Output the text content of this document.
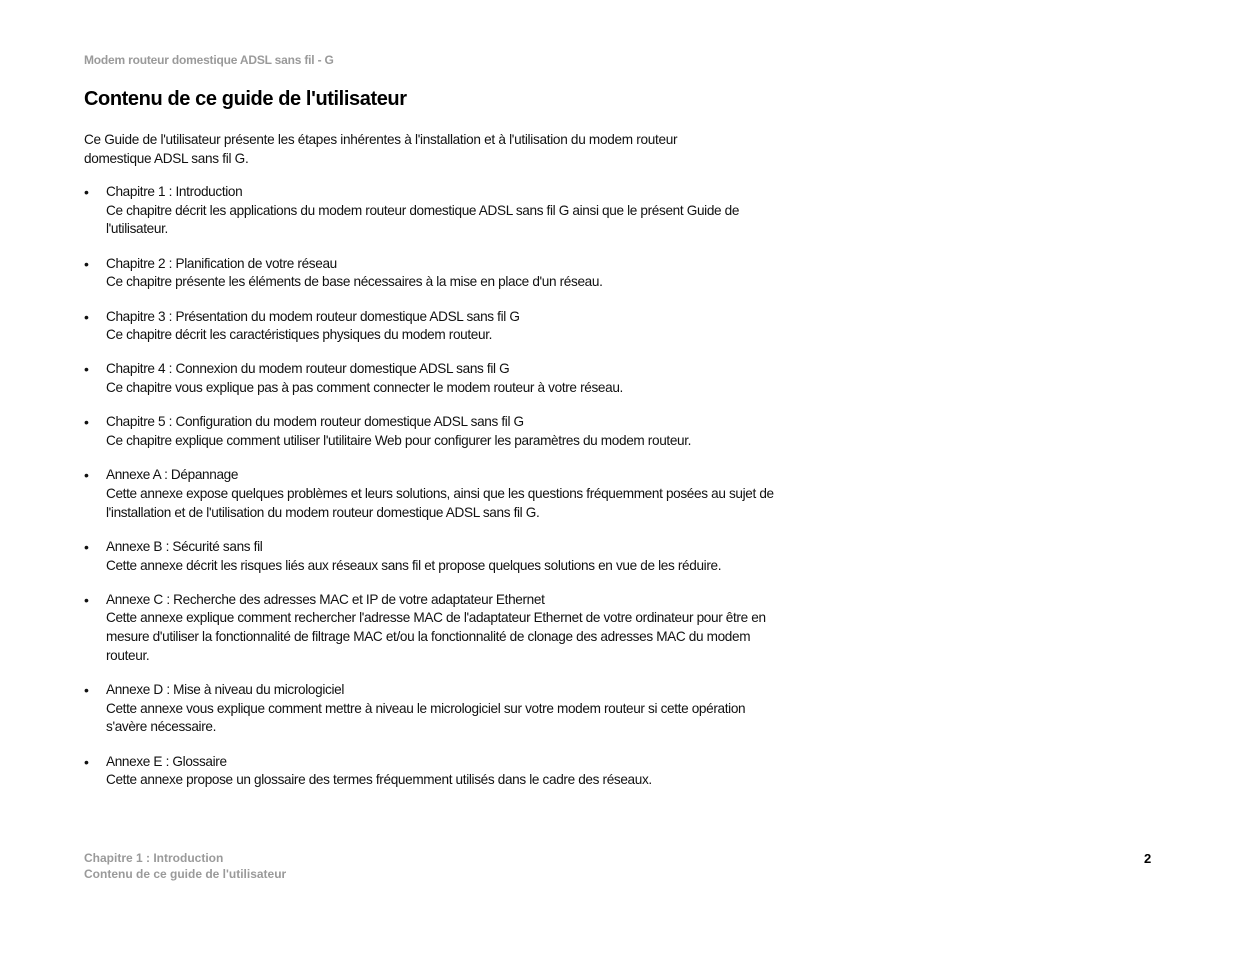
Modem routeur domestique ADSL sans fil - G
Contenu de ce guide de l'utilisateur

Ce Guide de l'utilisateur présente les étapes inhérentes à l'installation et à l'utilisation du modem routeur domestique ADSL sans fil G.

• Chapitre 1 : Introduction
Ce chapitre décrit les applications du modem routeur domestique ADSL sans fil G ainsi que le présent Guide de l'utilisateur.
• Chapitre 2 : Planification de votre réseau
Ce chapitre présente les éléments de base nécessaires à la mise en place d'un réseau.
• Chapitre 3 : Présentation du modem routeur domestique ADSL sans fil G
Ce chapitre décrit les caractéristiques physiques du modem routeur.
• Chapitre 4 : Connexion du modem routeur domestique ADSL sans fil G
Ce chapitre vous explique pas à pas comment connecter le modem routeur à votre réseau.
• Chapitre 5 : Configuration du modem routeur domestique ADSL sans fil G
Ce chapitre explique comment utiliser l'utilitaire Web pour configurer les paramètres du modem routeur.
• Annexe A : Dépannage
Cette annexe expose quelques problèmes et leurs solutions, ainsi que les questions fréquemment posées au sujet de l'installation et de l'utilisation du modem routeur domestique ADSL sans fil G.
• Annexe B : Sécurité sans fil
Cette annexe décrit les risques liés aux réseaux sans fil et propose quelques solutions en vue de les réduire.
• Annexe C : Recherche des adresses MAC et IP de votre adaptateur Ethernet
Cette annexe explique comment rechercher l'adresse MAC de l'adaptateur Ethernet de votre ordinateur pour être en mesure d'utiliser la fonctionnalité de filtrage MAC et/ou la fonctionnalité de clonage des adresses MAC du modem routeur.
• Annexe D : Mise à niveau du micrologiciel
Cette annexe vous explique comment mettre à niveau le micrologiciel sur votre modem routeur si cette opération s'avère nécessaire.
• Annexe E : Glossaire
Cette annexe propose un glossaire des termes fréquemment utilisés dans le cadre des réseaux.
Chapitre 1 : Introduction
Contenu de ce guide de l'utilisateur
2
